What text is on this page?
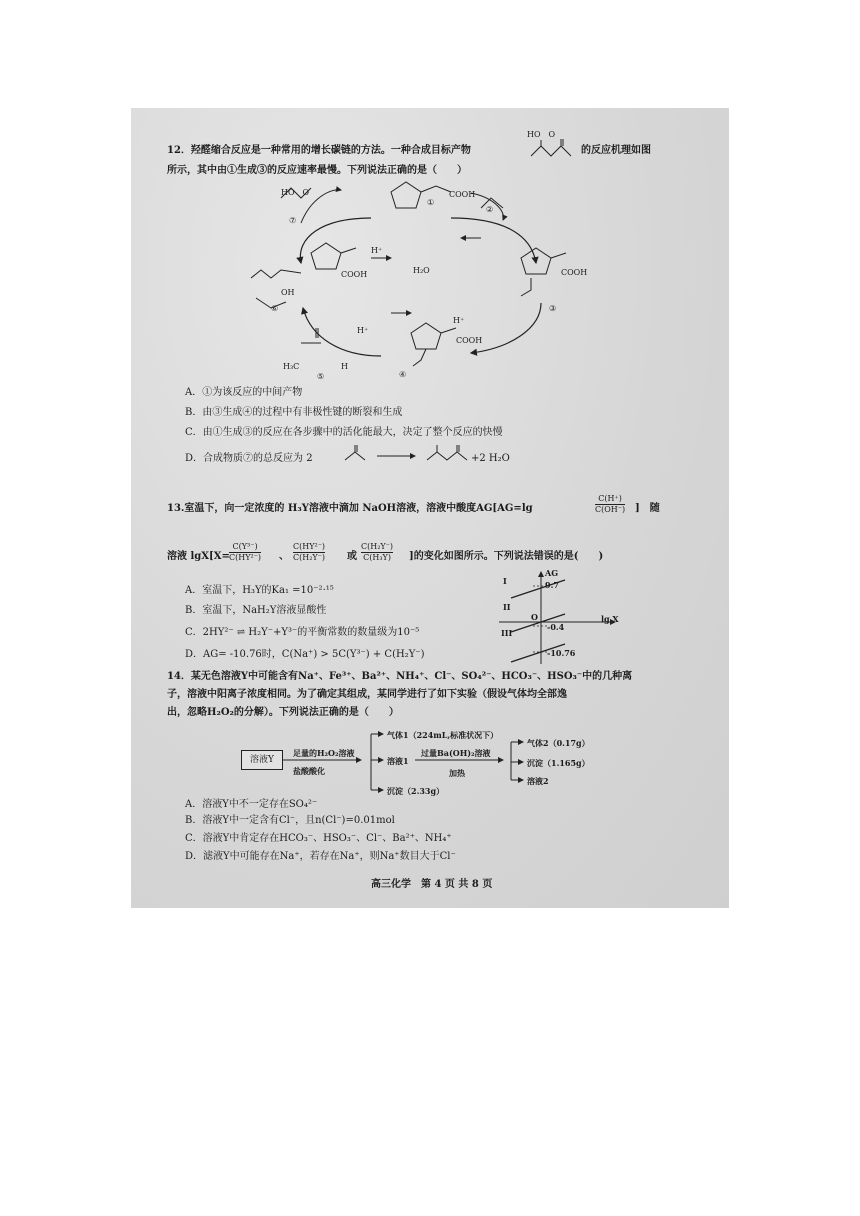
12．羟醛缩合反应是一种常用的增长碳链的方法。一种合成目标产物
HO　O
的反应机理如图
所示，其中由①生成③的反应速率最慢。下列说法正确的是（　　）
①
COOH
②
⑦
HO　O
H⁺
H₂O
COOH
OH
⑥
COOH
③
H⁺
H⁺
COOH
④
H₃C	H
⑤
A．①为该反应的中间产物
B．由③生成④的过程中有非极性键的断裂和生成
C．由①生成③的反应在各步骤中的活化能最大，决定了整个反应的快慢
D．合成物质⑦的总反应为 2	+2 H₂O
13.室温下，向一定浓度的 H₃Y溶液中滴加 NaOH溶液，溶液中酸度AG[AG=lg	$\frac{C(H^+)}{C(OH^-)}$ ]　随
溶液 $\lg X[X= \frac{\text{C(Y³⁻)}}{\text{C(HY²⁻)}}$ 、 $\frac{\text{C(HY²⁻)}}{\text{C(H₂Y⁻)}}$ 或 $\frac{\text{C(H₂Y⁻)}}{\text{C(H₃Y)}}$ ]的变化如图所示。下列说法错误的是(　　)
A．室温下，H₃Y的Ka₁ =10⁻²·¹⁵
B．室温下，NaH₂Y溶液显酸性
C．2HY²⁻ ⇌ H₂Y⁻+Y³⁻的平衡常数的数量级为10⁻⁵
D．AG= -10.76时，C(Na⁺) > 5C(Y³⁻) + C(H₂Y⁻)
AG
lg X
O
9.7
-0.4
-10.76
I
II
III
14．某无色溶液Y中可能含有Na⁺、Fe³⁺、Ba²⁺、NH₄⁺、Cl⁻、SO₄²⁻、HCO₃⁻、HSO₃⁻中的几种离
子，溶液中阳离子浓度相同。为了确定其组成，某同学进行了如下实验（假设气体均全部逸
出，忽略H₂O₂的分解）。下列说法正确的是（　　）
溶液Y
足量的H₂O₂溶液
盐酸酸化
气体1（224mL,标准状况下）
溶液1
沉淀（2.33g）
过量Ba(OH)₂溶液
加热
气体2（0.17g）
沉淀（1.165g）
溶液2
A．溶液Y中不一定存在SO₄²⁻
B．溶液Y中一定含有Cl⁻，且n(Cl⁻)=0.01mol
C．溶液Y中肯定存在HCO₃⁻、HSO₃⁻、Cl⁻、Ba²⁺、NH₄⁺
D．滤液Y中可能存在Na⁺，若存在Na⁺，则Na⁺数目大于Cl⁻
高三化学　第 4 页 共 8 页
